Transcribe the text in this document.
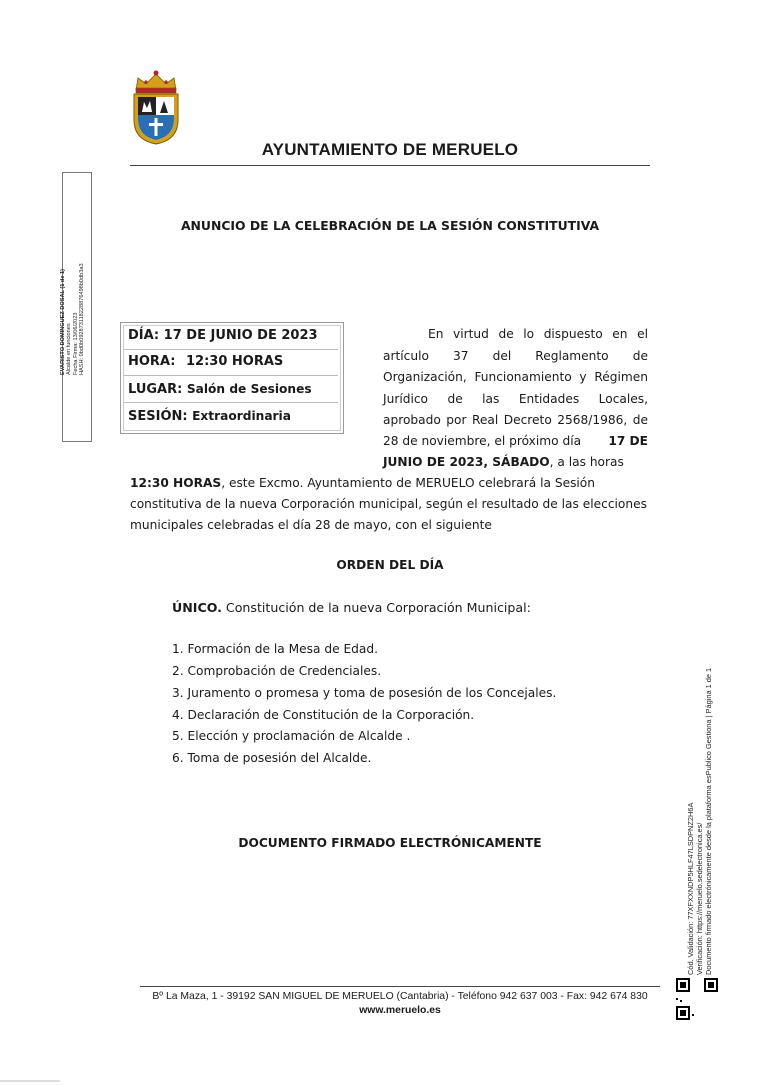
AYUNTAMIENTO DE MERUELO
EVARISTO DOMINGUEZ DOSAL (1 de 1) Alcalde en funciones Fecha Firma: 13/06/2023 HASH: 0bd0b092873118228876498b0db3a3
ANUNCIO DE LA CELEBRACIÓN DE LA SESIÓN CONSTITUTIVA
DÍA: 17 DE JUNIO DE 2023
HORA: 12:30 HORAS
LUGAR: Salón de Sesiones
SESIÓN: Extraordinaria
En virtud de lo dispuesto en el
artículo 37 del Reglamento de
Organización, Funcionamiento y Régimen
Jurídico de las Entidades Locales,
aprobado por Real Decreto 2568/1986, de
28 de noviembre, el próximo día 17 DE
JUNIO DE 2023, SÁBADO , a las horas
12:30 HORAS , este Excmo. Ayuntamiento de MERUELO celebrará la Sesión
constitutiva de la nueva Corporación municipal, según el resultado de las elecciones
municipales celebradas el día 28 de mayo, con el siguiente
ORDEN DEL DÍA
ÚNICO. Constitución de la nueva Corporación Municipal:
1. Formación de la Mesa de Edad.
2. Comprobación de Credenciales.
3. Juramento o promesa y toma de posesión de los Concejales.
4. Declaración de Constitución de la Corporación.
5. Elección y proclamación de Alcalde .
6. Toma de posesión del Alcalde.
DOCUMENTO FIRMADO ELECTRÓNICAMENTE
Bº La Maza, 1 - 39192 SAN MIGUEL DE MERUELO (Cantabria) - Teléfono 942 637 003 - Fax: 942 674 830
www.meruelo.es
Cód. Validación: 77XFXXNDP5HLF47LSDPNZ2H6A Verificación: https://meruelo.sedelectronica.es/ Documento firmado electrónicamente desde la plataforma esPublico Gestiona | Página 1 de 1
